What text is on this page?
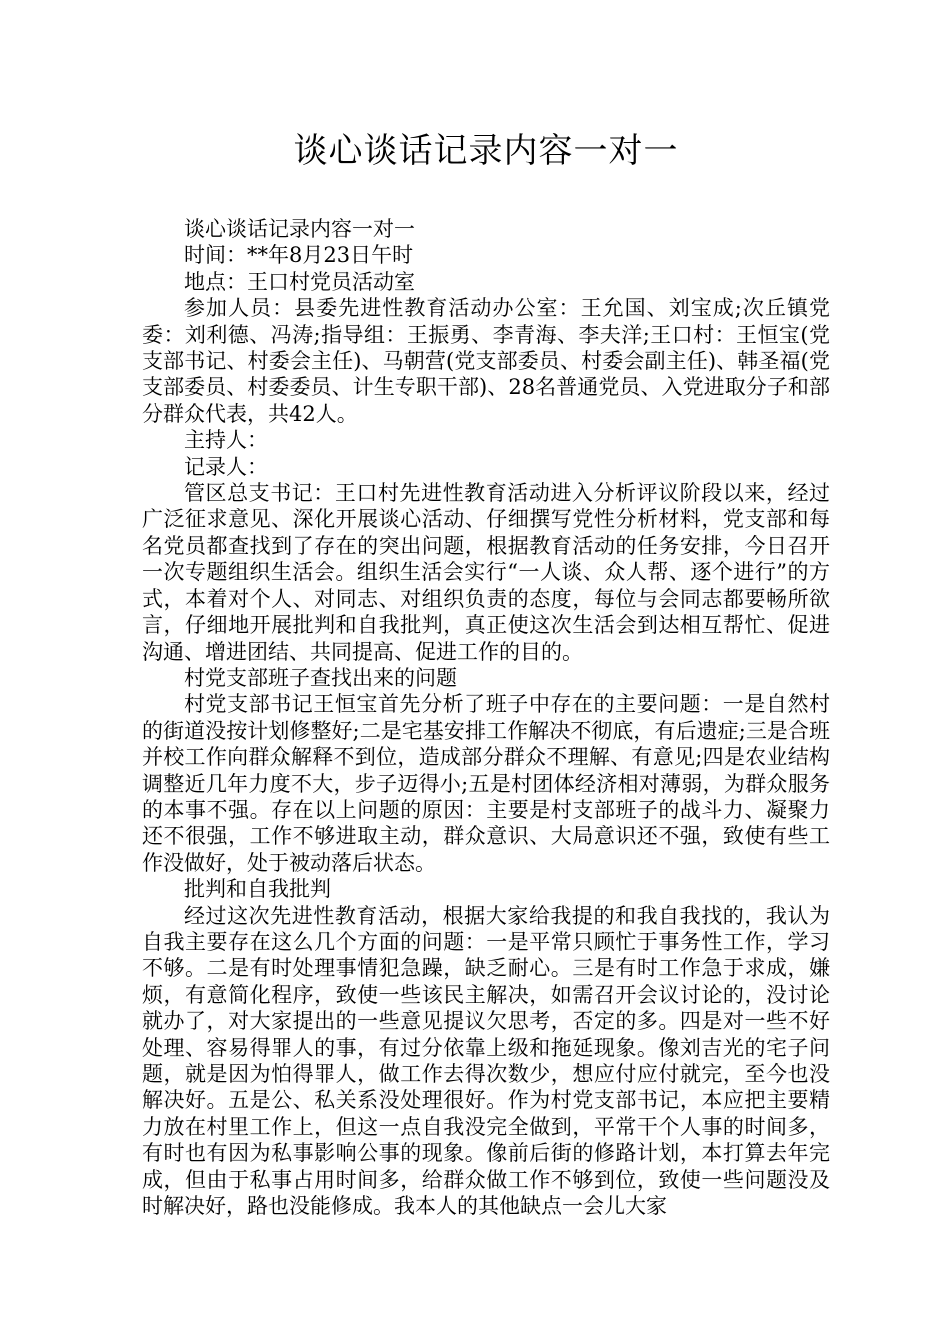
谈心谈话记录内容一对一

谈心谈话记录内容一对一

时间：**年8月23日午时

地点：王口村党员活动室

参加人员：县委先进性教育活动办公室：王允国、刘宝成;次丘镇党委：刘利德、冯涛;指导组：王振勇、李青海、李夫洋;王口村：王恒宝(党支部书记、村委会主任)、马朝营(党支部委员、村委会副主任)、韩圣福(党支部委员、村委委员、计生专职干部)、28名普通党员、入党进取分子和部分群众代表，共42人。

主持人：

记录人：

管区总支书记：王口村先进性教育活动进入分析评议阶段以来，经过广泛征求意见、深化开展谈心活动、仔细撰写党性分析材料，党支部和每名党员都查找到了存在的突出问题，根据教育活动的任务安排，今日召开一次专题组织生活会。组织生活会实行“一人谈、众人帮、逐个进行”的方式，本着对个人、对同志、对组织负责的态度，每位与会同志都要畅所欲言，仔细地开展批判和自我批判，真正使这次生活会到达相互帮忙、促进沟通、增进团结、共同提高、促进工作的目的。

村党支部班子查找出来的问题

村党支部书记王恒宝首先分析了班子中存在的主要问题：一是自然村的街道没按计划修整好;二是宅基安排工作解决不彻底，有后遗症;三是合班并校工作向群众解释不到位，造成部分群众不理解、有意见;四是农业结构调整近几年力度不大，步子迈得小;五是村团体经济相对薄弱，为群众服务的本事不强。存在以上问题的原因：主要是村支部班子的战斗力、凝聚力还不很强，工作不够进取主动，群众意识、大局意识还不强，致使有些工作没做好，处于被动落后状态。

批判和自我批判

经过这次先进性教育活动，根据大家给我提的和我自我找的，我认为自我主要存在这么几个方面的问题：一是平常只顾忙于事务性工作，学习不够。二是有时处理事情犯急躁，缺乏耐心。三是有时工作急于求成，嫌烦，有意简化程序，致使一些该民主解决，如需召开会议讨论的，没讨论就办了，对大家提出的一些意见提议欠思考，否定的多。四是对一些不好处理、容易得罪人的事，有过分依靠上级和拖延现象。像刘吉光的宅子问题，就是因为怕得罪人，做工作去得次数少，想应付应付就完，至今也没解决好。五是公、私关系没处理很好。作为村党支部书记，本应把主要精力放在村里工作上，但这一点自我没完全做到，平常干个人事的时间多，有时也有因为私事影响公事的现象。像前后街的修路计划，本打算去年完成，但由于私事占用时间多，给群众做工作不够到位，致使一些问题没及时解决好，路也没能修成。我本人的其他缺点一会儿大家
